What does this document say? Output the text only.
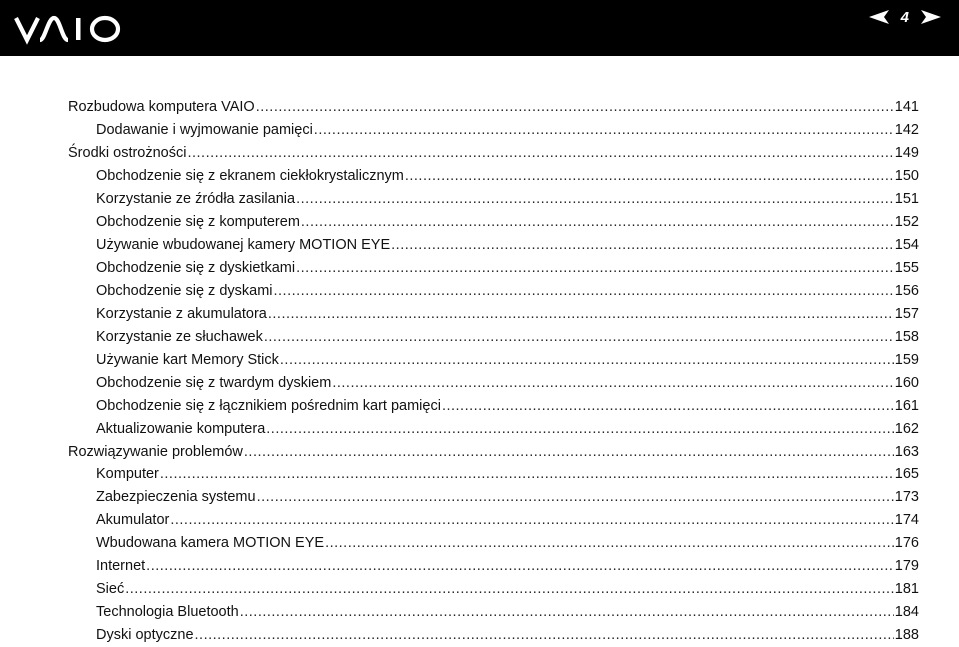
4
Rozbudowa komputera VAIO .....	141
Dodawanie i wyjmowanie pamięci .....	142
Środki ostrożności .....	149
Obchodzenie się z ekranem ciekłokrystalicznym .....	150
Korzystanie ze źródła zasilania .....	151
Obchodzenie się z komputerem .....	152
Używanie wbudowanej kamery MOTION EYE .....	154
Obchodzenie się z dyskietkami .....	155
Obchodzenie się z dyskami .....	156
Korzystanie z akumulatora .....	157
Korzystanie ze słuchawek .....	158
Używanie kart Memory Stick .....	159
Obchodzenie się z twardym dyskiem .....	160
Obchodzenie się z łącznikiem pośrednim kart pamięci .....	161
Aktualizowanie komputera .....	162
Rozwiązywanie problemów .....	163
Komputer .....	165
Zabezpieczenia systemu .....	173
Akumulator .....	174
Wbudowana kamera MOTION EYE .....	176
Internet .....	179
Sieć .....	181
Technologia Bluetooth .....	184
Dyski optyczne .....	188
